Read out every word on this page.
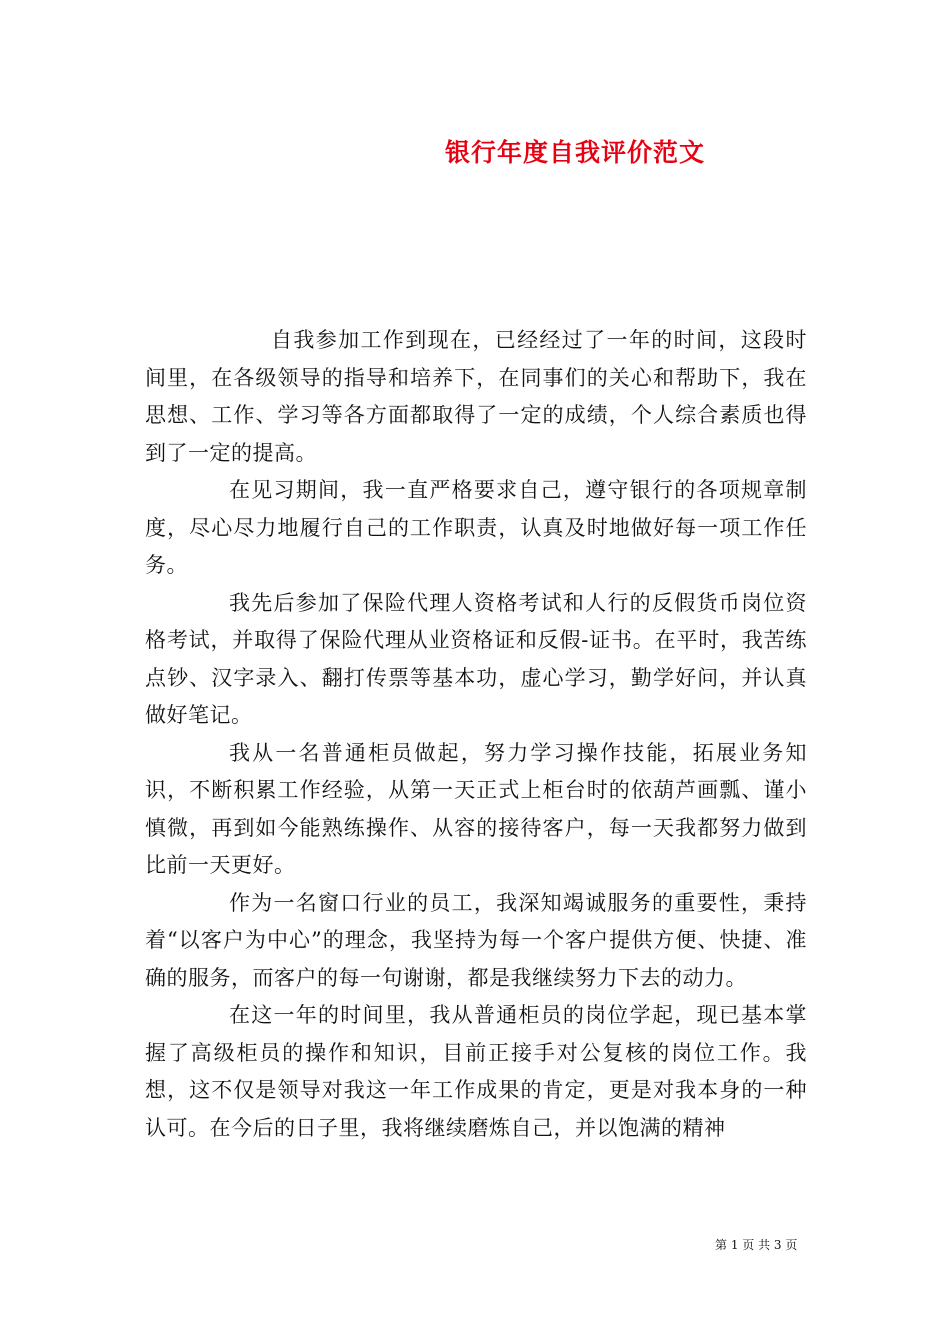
银行年度自我评价范文

自我参加工作到现在，已经经过了一年的时间，这段时间里，在各级领导的指导和培养下，在同事们的关心和帮助下，我在思想、工作、学习等各方面都取得了一定的成绩，个人综合素质也得到了一定的提高。

在见习期间，我一直严格要求自己，遵守银行的各项规章制度，尽心尽力地履行自己的工作职责，认真及时地做好每一项工作任务。

我先后参加了保险代理人资格考试和人行的反假货币岗位资格考试，并取得了保险代理从业资格证和反假-证书。在平时，我苦练点钞、汉字录入、翻打传票等基本功，虚心学习，勤学好问，并认真做好笔记。

我从一名普通柜员做起，努力学习操作技能，拓展业务知识，不断积累工作经验，从第一天正式上柜台时的依葫芦画瓢、谨小慎微，再到如今能熟练操作、从容的接待客户，每一天我都努力做到比前一天更好。

作为一名窗口行业的员工，我深知竭诚服务的重要性，秉持着“以客户为中心”的理念，我坚持为每一个客户提供方便、快捷、准确的服务，而客户的每一句谢谢，都是我继续努力下去的动力。

在这一年的时间里，我从普通柜员的岗位学起，现已基本掌握了高级柜员的操作和知识，目前正接手对公复核的岗位工作。我想，这不仅是领导对我这一年工作成果的肯定，更是对我本身的一种认可。在今后的日子里，我将继续磨炼自己，并以饱满的精神

第 1 页 共 3 页
